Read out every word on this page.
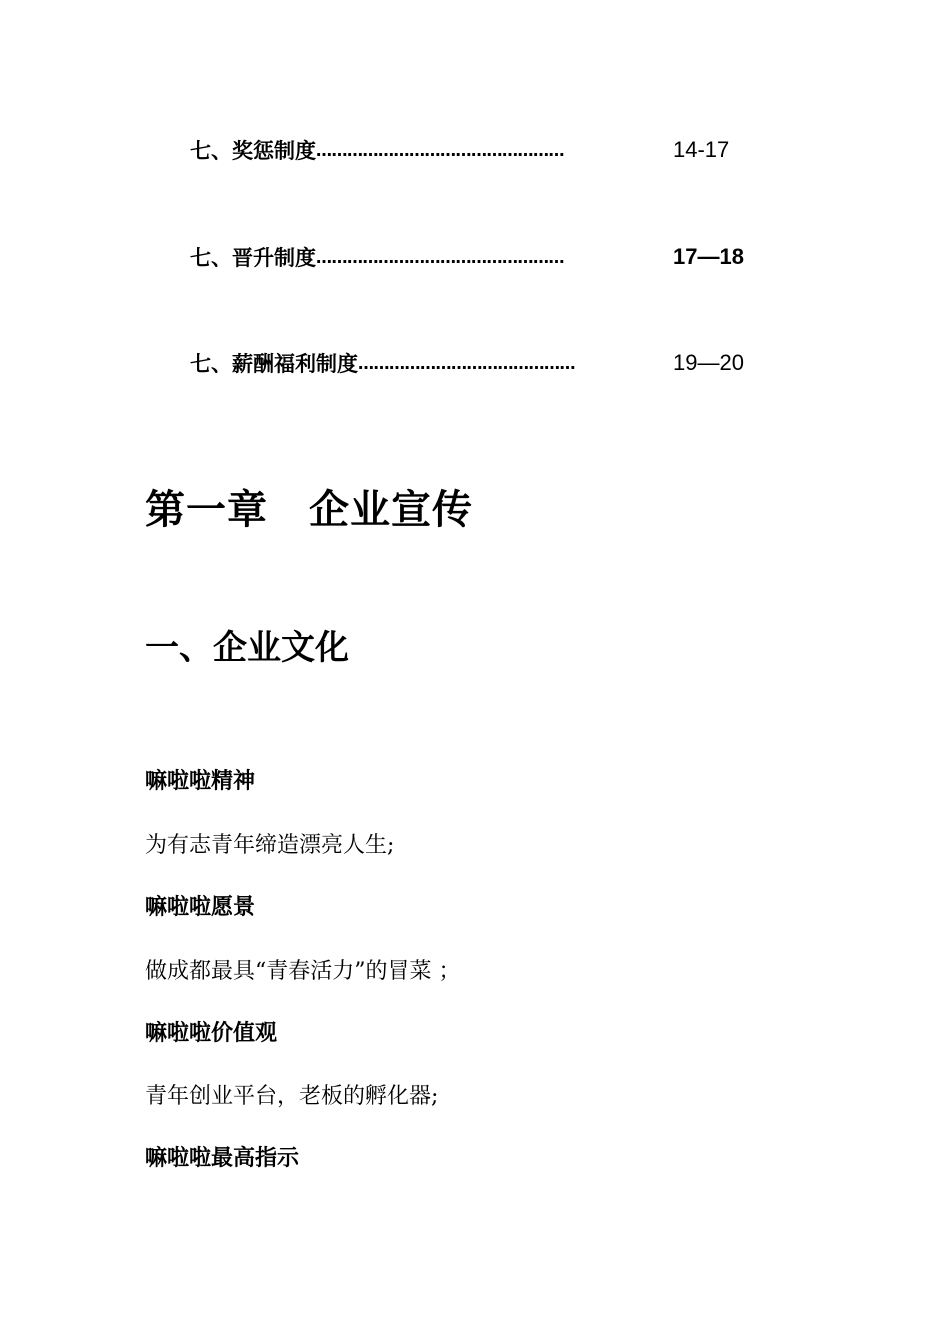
七、奖惩制度 …………………………………………	14-17
七、晋升制度 …………………………………………	17—18
七、薪酬福利制度 ……………………………………	19—20
第一章　企业宣传
一、企业文化
嘛啦啦精神
为有志青年缔造漂亮人生;
嘛啦啦愿景
做成都最具“青春活力”的冒菜 ；
嘛啦啦价值观
青年创业平台，老板的孵化器;
嘛啦啦最高指示
